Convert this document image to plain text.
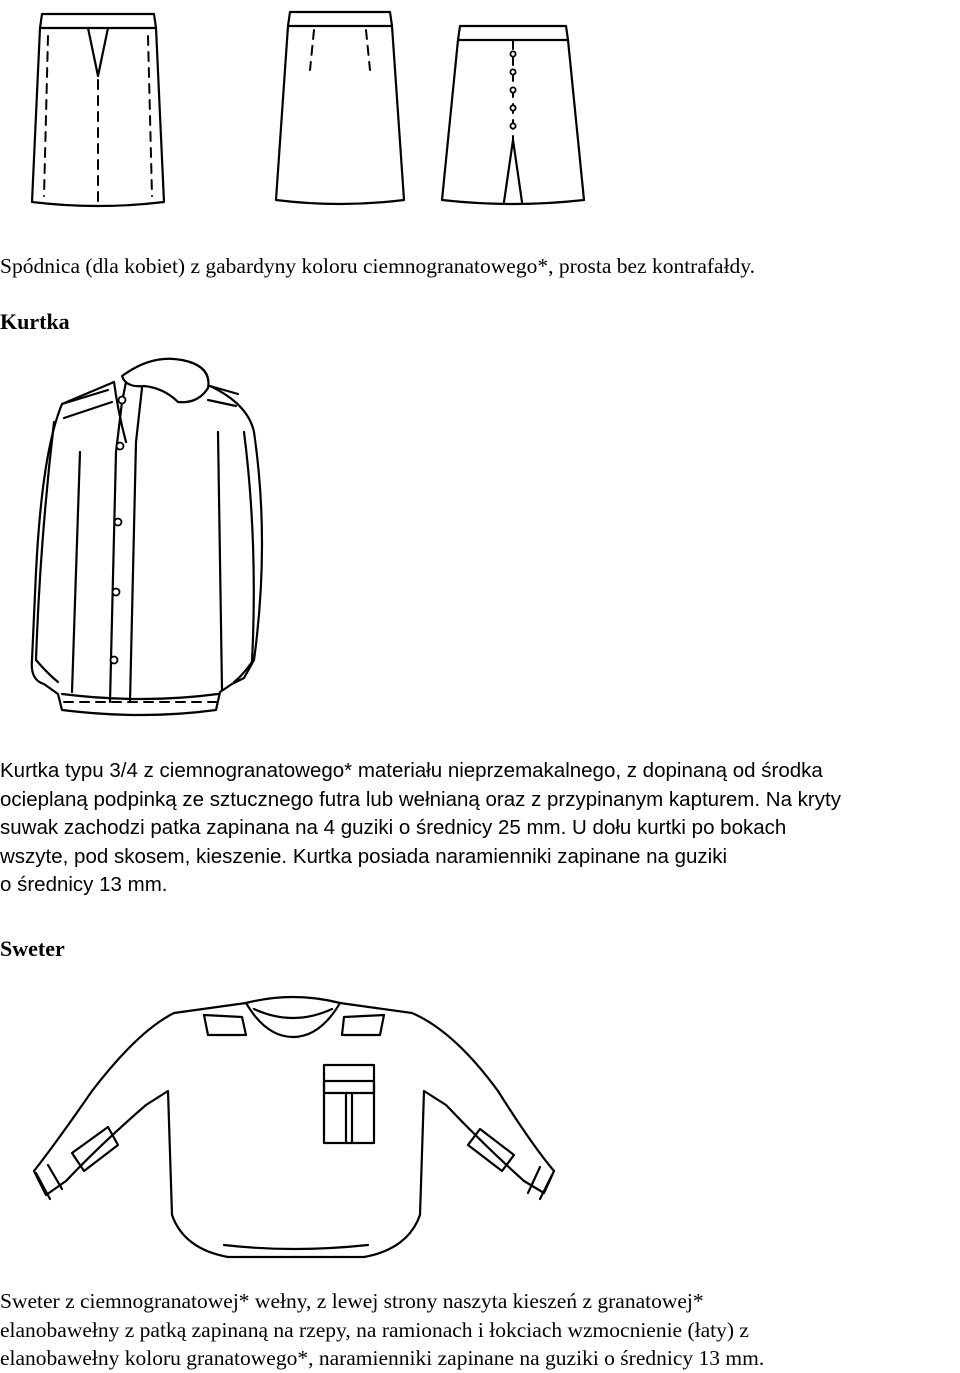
Spódnica (dla kobiet) z gabardyny koloru ciemnogranatowego*, prosta bez kontrafałdy.

Kurtka

Kurtka typu 3/4 z ciemnogranatowego* materiału nieprzemakalnego, z dopinaną od środka
ocieplaną podpinką ze sztucznego futra lub wełnianą oraz z przypinanym kapturem. Na kryty
suwak zachodzi patka zapinana na 4 guziki o średnicy 25 mm. U dołu kurtki po bokach
wszyte, pod skosem, kieszenie. Kurtka posiada naramienniki zapinane na guziki
o średnicy 13 mm.

Sweter

Sweter z ciemnogranatowej* wełny, z lewej strony naszyta kieszeń z granatowej*
elanobawełny z patką zapinaną na rzepy, na ramionach i łokciach wzmocnienie (łaty) z
elanobawełny koloru granatowego*, naramienniki zapinane na guziki o średnicy 13 mm.
